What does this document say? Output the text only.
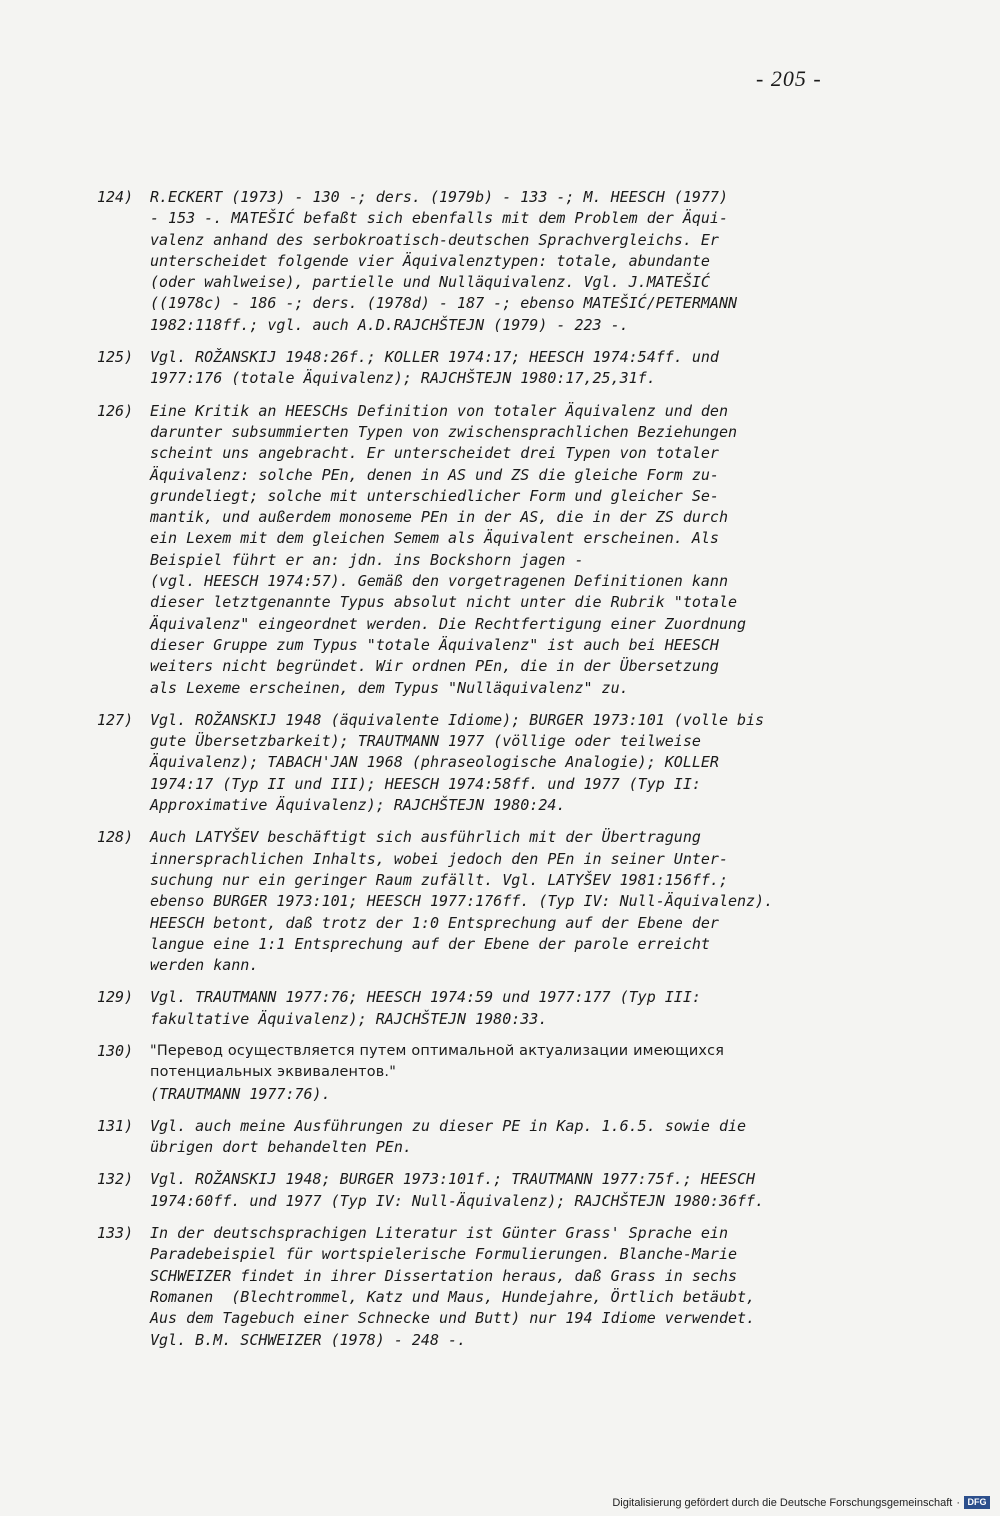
- 205 -
124)	R.ECKERT (1973) - 130 -; ders. (1979b) - 133 -; M. HEESCH (1977)
- 153 -. MATEŠIĆ befaßt sich ebenfalls mit dem Problem der Äqui-
valenz anhand des serbokroatisch-deutschen Sprachvergleichs. Er
unterscheidet folgende vier Äquivalenztypen: totale, abundante
(oder wahlweise), partielle und Nulläquivalenz. Vgl. J.MATEŠIĆ
((1978c) - 186 -; ders. (1978d) - 187 -; ebenso MATEŠIĆ/PETERMANN
1982:118ff.; vgl. auch A.D.RAJCHŠTEJN (1979) - 223 -.
125)	Vgl. ROŽANSKIJ 1948:26f.; KOLLER 1974:17; HEESCH 1974:54ff. und
1977:176 (totale Äquivalenz); RAJCHŠTEJN 1980:17,25,31f.
126)	Eine Kritik an HEESCHs Definition von totaler Äquivalenz und den
darunter subsummierten Typen von zwischensprachlichen Beziehungen
scheint uns angebracht. Er unterscheidet drei Typen von totaler
Äquivalenz: solche PEn, denen in AS und ZS die gleiche Form zu-
grundeliegt; solche mit unterschiedlicher Form und gleicher Se-
mantik, und außerdem monoseme PEn in der AS, die in der ZS durch
ein Lexem mit dem gleichen Semem als Äquivalent erscheinen. Als
Beispiel führt er an: jdn. ins Bockshorn jagen -
(vgl. HEESCH 1974:57). Gemäß den vorgetragenen Definitionen kann
dieser letztgenannte Typus absolut nicht unter die Rubrik "totale
Äquivalenz" eingeordnet werden. Die Rechtfertigung einer Zuordnung
dieser Gruppe zum Typus "totale Äquivalenz" ist auch bei HEESCH
weiters nicht begründet. Wir ordnen PEn, die in der Übersetzung
als Lexeme erscheinen, dem Typus "Nulläquivalenz" zu.
127)	Vgl. ROŽANSKIJ 1948 (äquivalente Idiome); BURGER 1973:101 (volle bis
gute Übersetzbarkeit); TRAUTMANN 1977 (völlige oder teilweise
Äquivalenz); TABACH'JAN 1968 (phraseologische Analogie); KOLLER
1974:17 (Typ II und III); HEESCH 1974:58ff. und 1977 (Typ II:
Approximative Äquivalenz); RAJCHŠTEJN 1980:24.
128)	Auch LATYŠEV beschäftigt sich ausführlich mit der Übertragung
innersprachlichen Inhalts, wobei jedoch den PEn in seiner Unter-
suchung nur ein geringer Raum zufällt. Vgl. LATYŠEV 1981:156ff.;
ebenso BURGER 1973:101; HEESCH 1977:176ff. (Typ IV: Null-Äquivalenz).
HEESCH betont, daß trotz der 1:0 Entsprechung auf der Ebene der
langue eine 1:1 Entsprechung auf der Ebene der parole erreicht
werden kann.
129)	Vgl. TRAUTMANN 1977:76; HEESCH 1974:59 und 1977:177 (Typ III:
fakultative Äquivalenz); RAJCHŠTEJN 1980:33.
130)	"Перевод осуществляется путем оптимальной актуализации имеющихся
потенциальных эквивалентов."
(TRAUTMANN 1977:76).
131)	Vgl. auch meine Ausführungen zu dieser PE in Kap. 1.6.5. sowie die
übrigen dort behandelten PEn.
132)	Vgl. ROŽANSKIJ 1948; BURGER 1973:101f.; TRAUTMANN 1977:75f.; HEESCH
1974:60ff. und 1977 (Typ IV: Null-Äquivalenz); RAJCHŠTEJN 1980:36ff.
133)	In der deutschsprachigen Literatur ist Günter Grass' Sprache ein
Paradebeispiel für wortspielerische Formulierungen. Blanche-Marie
SCHWEIZER findet in ihrer Dissertation heraus, daß Grass in sechs
Romanen  (Blechtrommel, Katz und Maus, Hundejahre, Örtlich betäubt,
Aus dem Tagebuch einer Schnecke und Butt) nur 194 Idiome verwendet.
Vgl. B.M. SCHWEIZER (1978) - 248 -.
Digitalisierung gefördert durch die Deutsche Forschungsgemeinschaft · DFG
